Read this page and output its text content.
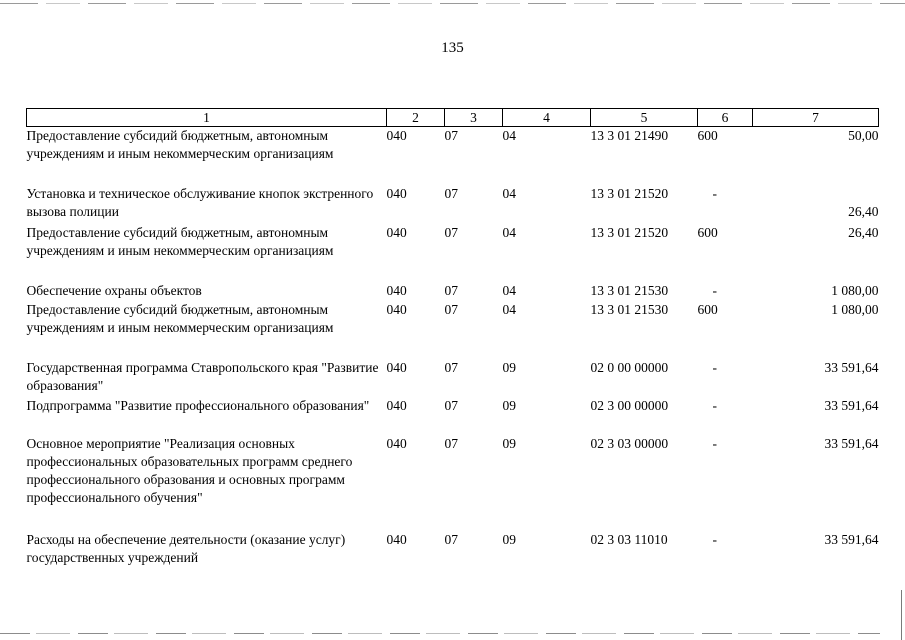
135
1	2	3	4	5	6	7
Предоставление субсидий бюджетным, автономным учреждениям и иным некоммерческим организациям	040	07	04	13 3 01 21490	600	50,00
Установка и техническое обслуживание кнопок экстренного вызова полиции	040	07	04	13 3 01 21520	-	26,40
Предоставление субсидий бюджетным, автономным учреждениям и иным некоммерческим организациям	040	07	04	13 3 01 21520	600	26,40
Обеспечение охраны объектов	040	07	04	13 3 01 21530	-	1 080,00
Предоставление субсидий бюджетным, автономным учреждениям и иным некоммерческим организациям	040	07	04	13 3 01 21530	600	1 080,00
Государственная программа Ставропольского края "Развитие образования"	040	07	09	02 0 00 00000	-	33 591,64
Подпрограмма "Развитие профессионального образования"	040	07	09	02 3 00 00000	-	33 591,64
Основное мероприятие "Реализация основных профессиональных образовательных программ среднего профессионального образования и основных программ профессионального обучения"	040	07	09	02 3 03 00000	-	33 591,64
Расходы на обеспечение деятельности (оказание услуг) государственных учреждений	040	07	09	02 3 03 11010	-	33 591,64
